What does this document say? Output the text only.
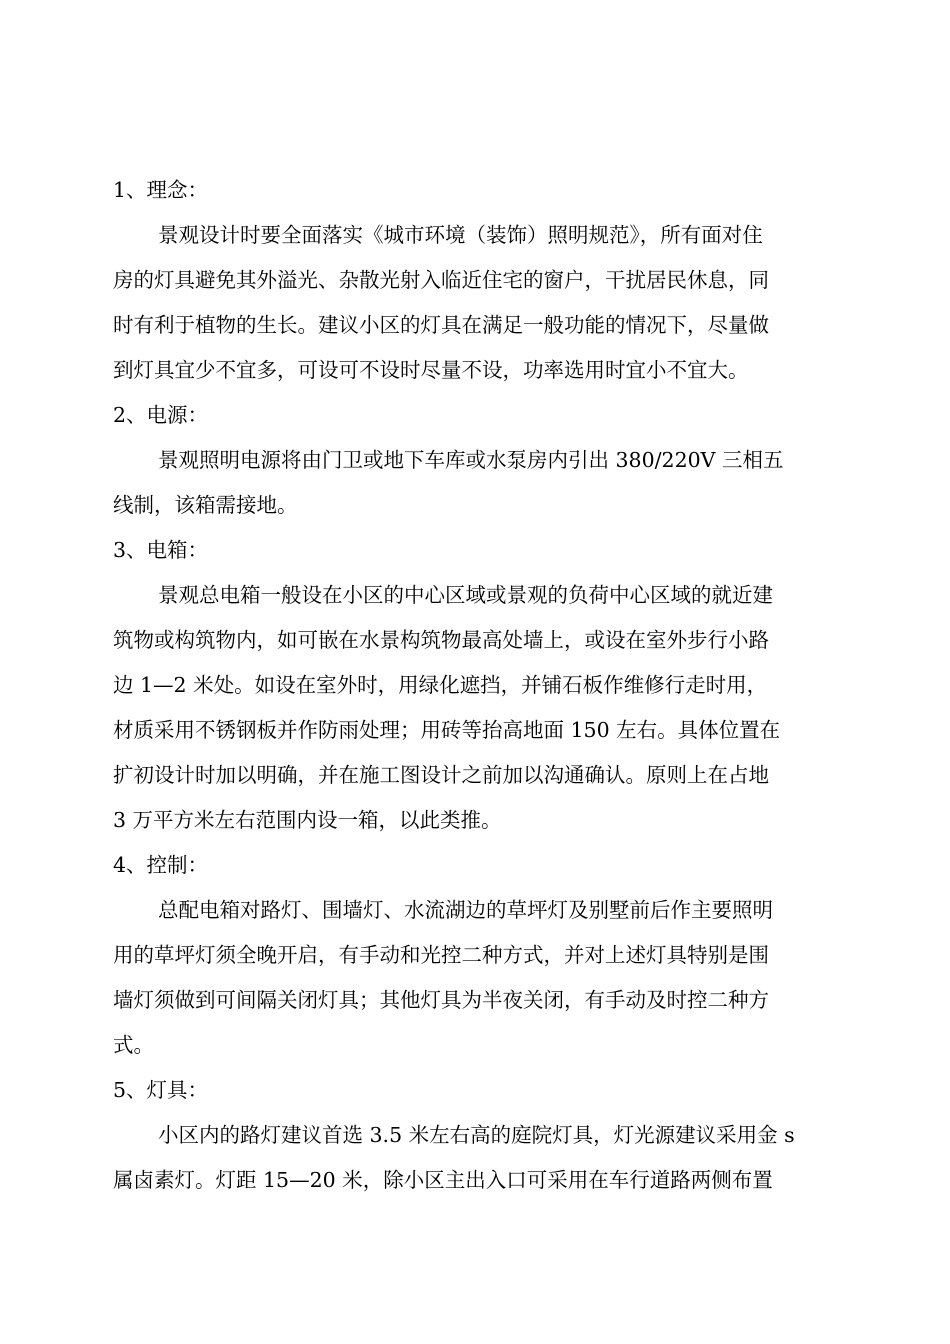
1、理念：

景观设计时要全面落实《城市环境（装饰）照明规范》，所有面对住
房的灯具避免其外溢光、杂散光射入临近住宅的窗户，干扰居民休息，同
时有利于植物的生长。建议小区的灯具在满足一般功能的情况下，尽量做
到灯具宜少不宜多，可设可不设时尽量不设，功率选用时宜小不宜大。

2、电源：

景观照明电源将由门卫或地下车库或水泵房内引出 380/220V 三相五
线制，该箱需接地。

3、电箱：

景观总电箱一般设在小区的中心区域或景观的负荷中心区域的就近建
筑物或构筑物内，如可嵌在水景构筑物最高处墙上，或设在室外步行小路
边 1—2 米处。如设在室外时，用绿化遮挡，并铺石板作维修行走时用，
材质采用不锈钢板并作防雨处理；用砖等抬高地面 150 左右。具体位置在
扩初设计时加以明确，并在施工图设计之前加以沟通确认。原则上在占地
3 万平方米左右范围内设一箱，以此类推。

4、控制：

总配电箱对路灯、围墙灯、水流湖边的草坪灯及别墅前后作主要照明
用的草坪灯须全晚开启，有手动和光控二种方式，并对上述灯具特别是围
墙灯须做到可间隔关闭灯具；其他灯具为半夜关闭，有手动及时控二种方
式。

5、灯具：

小区内的路灯建议首选 3.5 米左右高的庭院灯具，灯光源建议采用金 s
属卤素灯。灯距 15—20 米，除小区主出入口可采用在车行道路两侧布置
